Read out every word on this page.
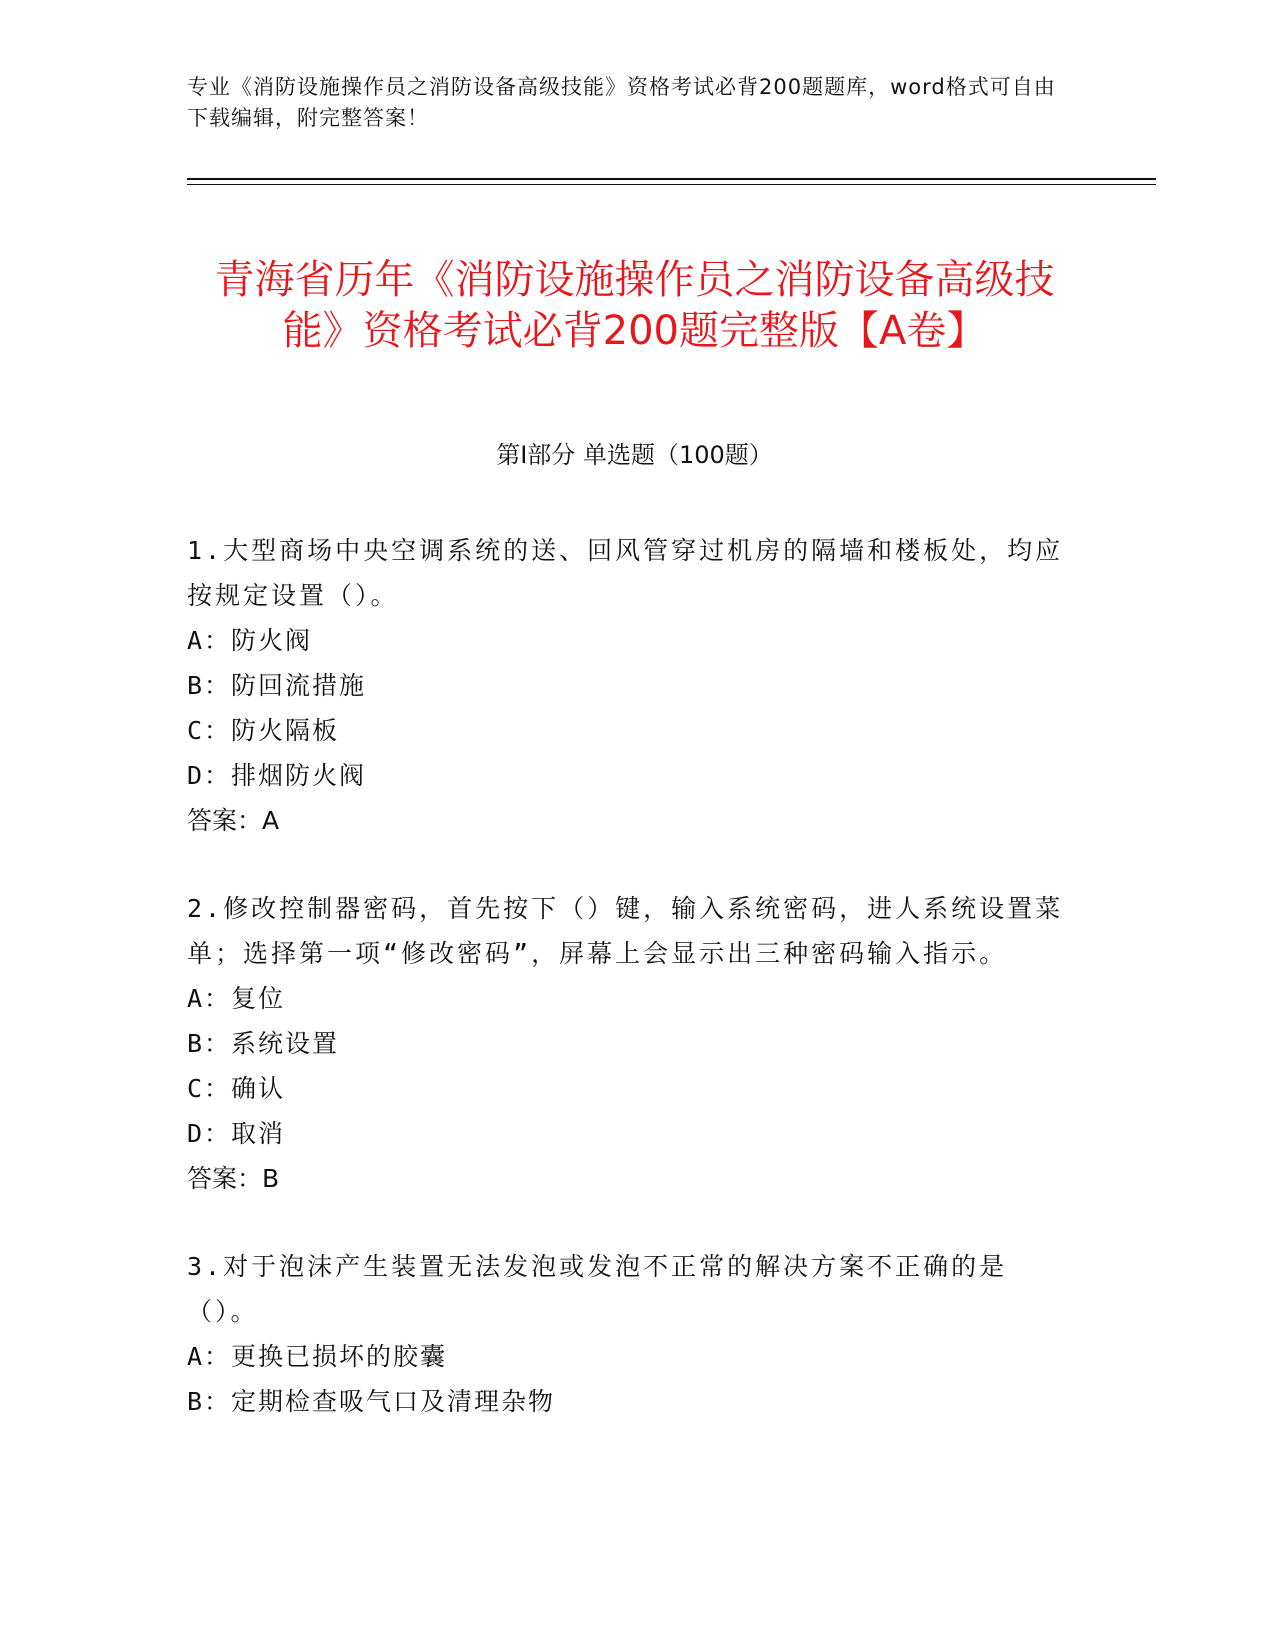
专业《消防设施操作员之消防设备高级技能》资格考试必背200题题库，word格式可自由下载编辑，附完整答案！
青海省历年《消防设施操作员之消防设备高级技能》资格考试必背200题完整版【A卷】
第Ⅰ部分 单选题（100题）
1.大型商场中央空调系统的送、回风管穿过机房的隔墙和楼板处，均应按规定设置（）。
A：防火阀
B：防回流措施
C：防火隔板
D：排烟防火阀
答案：A
2.修改控制器密码，首先按下（）键，输入系统密码，进人系统设置菜单；选择第一项“修改密码”，屏幕上会显示出三种密码输入指示。
A：复位
B：系统设置
C：确认
D：取消
答案：B
3.对于泡沫产生装置无法发泡或发泡不正常的解决方案不正确的是（）。
A：更换已损坏的胶囊
B：定期检查吸气口及清理杂物
